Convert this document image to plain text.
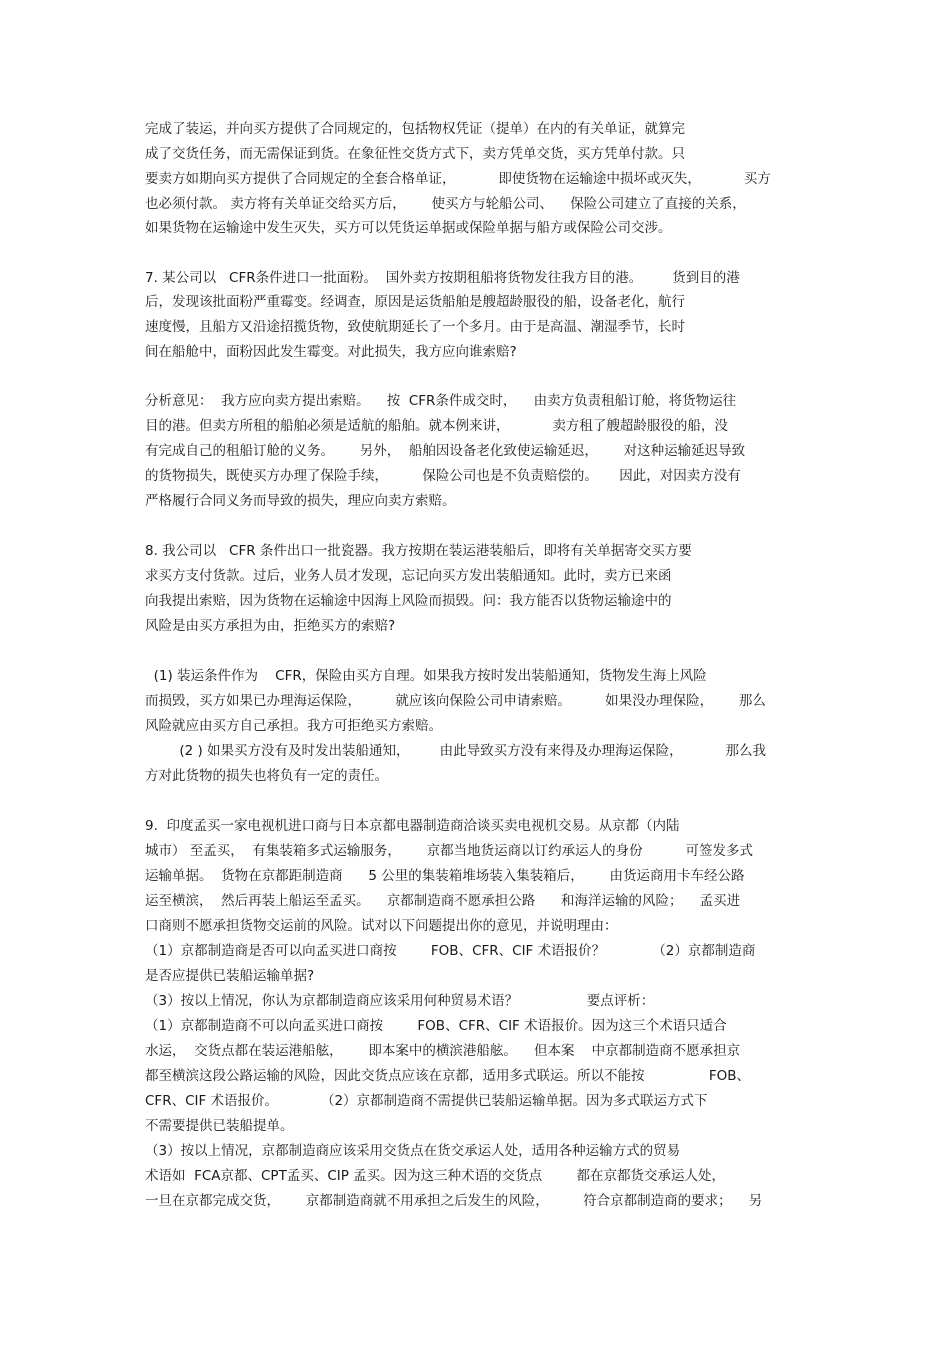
完成了装运，并向买方提供了合同规定的，包括物权凭证（提单）在内的有关单证，就算完
成了交货任务，而无需保证到货。在象征性交货方式下，卖方凭单交货，买方凭单付款。只
要卖方如期向买方提供了合同规定的全套合格单证，          即使货物在运输途中损坏或灭失，          买方
也必须付款。 卖方将有关单证交给买方后，      使买方与轮船公司、    保险公司建立了直接的关系，
如果货物在运输途中发生灭失，买方可以凭货运单据或保险单据与船方或保险公司交涉。
7. 某公司以   CFR条件进口一批面粉。  国外卖方按期租船将货物发往我方目的港。       货到目的港
后，发现该批面粉严重霉变。经调查，原因是运货船舶是艘超龄服役的船，设备老化，航行
速度慢，且船方又沿途招揽货物，致使航期延长了一个多月。由于是高温、潮湿季节，长时
间在船舱中，面粉因此发生霉变。对此损失，我方应向谁索赔?
分析意见：  我方应向卖方提出索赔。    按  CFR条件成交时，    由卖方负责租船订舱，将货物运往
目的港。但卖方所租的船舶必须是适航的船舶。就本例来讲，          卖方租了艘超龄服役的船，没
有完成自己的租船订舱的义务。      另外，  船舶因设备老化致使运输延迟，      对这种运输延迟导致
的货物损失，既使买方办理了保险手续，        保险公司也是不负责赔偿的。     因此，对因卖方没有
严格履行合同义务而导致的损失，理应向卖方索赔。
8. 我公司以   CFR 条件出口一批瓷器。我方按期在装运港装船后，即将有关单据寄交买方要
求买方支付货款。过后，业务人员才发现，忘记向买方发出装船通知。此时，卖方已来函
向我提出索赔，因为货物在运输途中因海上风险而损毁。问：我方能否以货物运输途中的
风险是由买方承担为由，拒绝买方的索赔?
(1) 装运条件作为    CFR，保险由买方自理。如果我方按时发出装船通知，货物发生海上风险
而损毁，买方如果已办理海运保险，        就应该向保险公司申请索赔。        如果没办理保险，      那么
风险就应由买方自己承担。我方可拒绝买方索赔。
(2 ) 如果买方没有及时发出装船通知，       由此导致买方没有来得及办理海运保险，          那么我
方对此货物的损失也将负有一定的责任。
9.  印度孟买一家电视机进口商与日本京都电器制造商洽谈买卖电视机交易。从京都（内陆
城市） 至孟买，  有集装箱多式运输服务，      京都当地货运商以订约承运人的身份          可签发多式
运输单据。  货物在京都距制造商      5 公里的集装箱堆场装入集装箱后，      由货运商用卡车经公路
运至横滨，  然后再装上船运至孟买。    京都制造商不愿承担公路      和海洋运输的风险；    孟买进
口商则不愿承担货物交运前的风险。试对以下问题提出你的意见，并说明理由：
（1）京都制造商是否可以向孟买进口商按        FOB、CFR、CIF 术语报价？           （2）京都制造商
是否应提供已装船运输单据?
（3）按以上情况，你认为京都制造商应该采用何种贸易术语？                要点评析：
（1）京都制造商不可以向孟买进口商按        FOB、CFR、CIF 术语报价。因为这三个术语只适合
水运，  交货点都在装运港船舷，      即本案中的横滨港船舷。    但本案    中京都制造商不愿承担京
都至横滨这段公路运输的风险，因此交货点应该在京都，适用多式联运。所以不能按               FOB、
CFR、CIF 术语报价。          （2）京都制造商不需提供已装船运输单据。因为多式联运方式下
不需要提供已装船提单。
（3）按以上情况，京都制造商应该采用交货点在货交承运人处，适用各种运输方式的贸易
术语如  FCA京都、CPT孟买、CIP 孟买。因为这三种术语的交货点        都在京都货交承运人处，
一旦在京都完成交货，      京都制造商就不用承担之后发生的风险，        符合京都制造商的要求；    另
